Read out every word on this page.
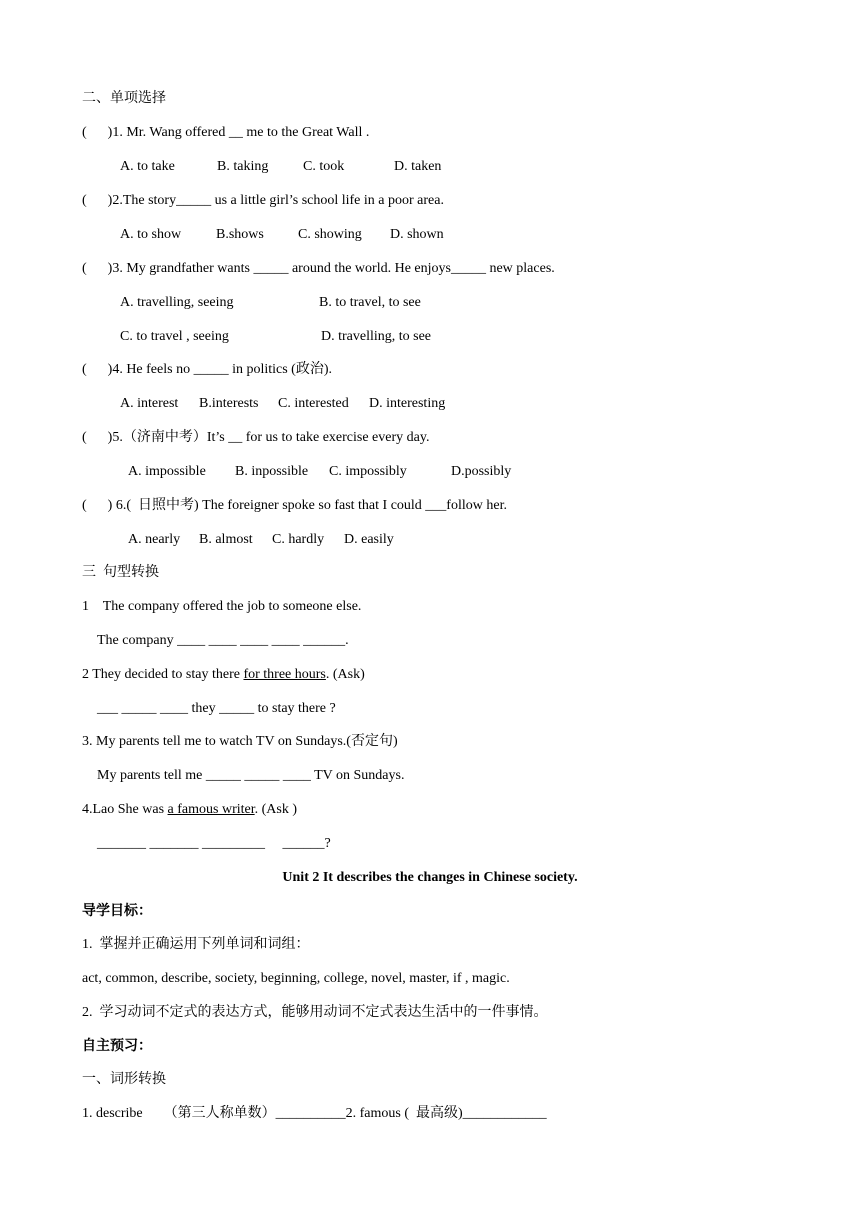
二、单项选择
(      )1. Mr. Wang offered __ me to the Great Wall .
A. to take	B. taking C. took	D. taken
(      )2.The story_____ us a little girl’s school life in a poor area.
A. to show B.shows C. showing D. shown
(      )3. My grandfather wants _____ around the world. He enjoys_____ new places.
A. travelling, seeing	B. to travel, to see
C. to travel , seeing	D. travelling, to see
(      )4. He feels no _____ in politics (政治).
A. interest B.interests C. interested D. interesting
(      )5.（济南中考）It’s __ for us to take exercise every day.
A. impossible B. inpossible C. impossibly	D.possibly
(      ) 6.(  日照中考) The foreigner spoke so fast that I could ___follow her.
A. nearly B. almost C. hardly D. easily
三  句型转换
1    The company offered the job to someone else.
The company ____ ____ ____ ____ ______.
2 They decided to stay there for three hours. (Ask)
___ _____ ____ they _____ to stay there ?
3. My parents tell me to watch TV on Sundays.(否定句)
My parents tell me _____ _____ ____ TV on Sundays.
4.Lao She was a famous writer. (Ask )
_______ _______ _________     ______?
Unit 2 It describes the changes in Chinese society.
导学目标：
1.  掌握并正确运用下列单词和词组：
act, common, describe, society, beginning, college, novel, master, if , magic.
2.  学习动词不定式的表达方式，能够用动词不定式表达生活中的一件事情。
自主预习：
一、词形转换
1. describe      （第三人称单数）__________2. famous (  最高级)____________
